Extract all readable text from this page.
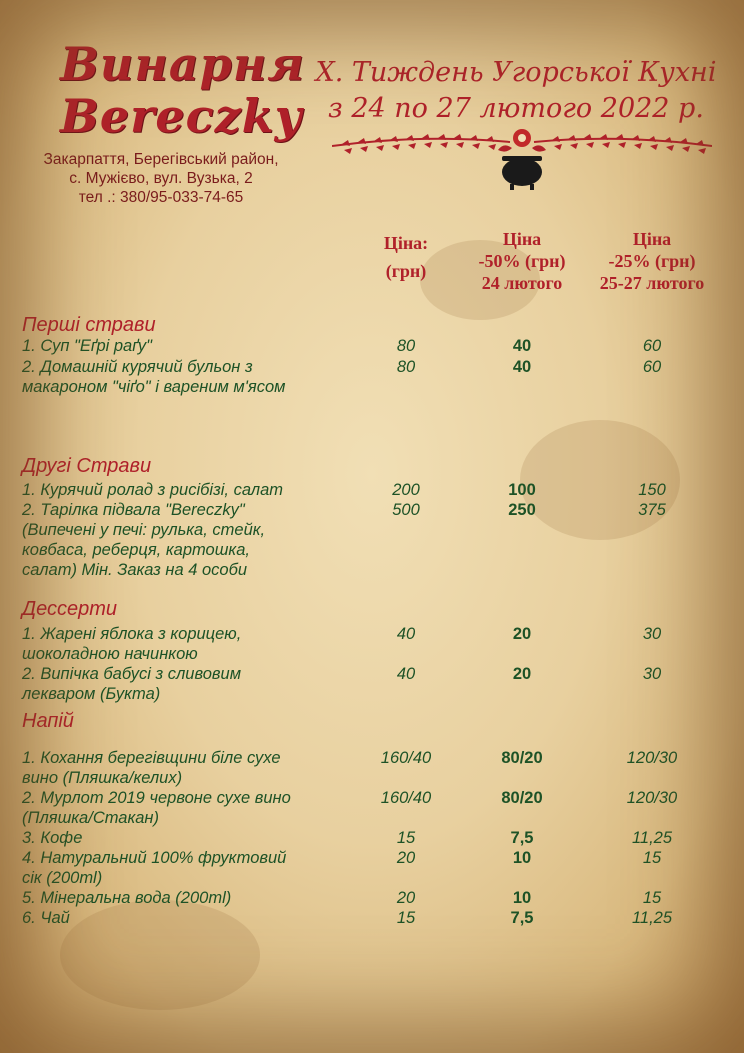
Винарня
Bereczky
Закарпаття, Берегівський район,
с. Мужієво, вул. Вузька, 2
тел .: 380/95-033-74-65
X. Тиждень Угорської Кухні
з 24 по 27 лютого 2022 р.
Ціна:
(грн)
Ціна
-50% (грн)
24 лютого
Ціна
-25% (грн)
25-27 лютого
Перші страви
1. Суп "Еґрі раґу"	80	40	60
2. Домашній курячий бульон з
макароном "чіґо" і вареним м'ясом
80	40	60
Другі Страви
1. Курячий ролад з рисібізі, салат	200	100	150
2. Тарілка підвала "Bereczky"
(Випечені у печі: рулька, стейк,
ковбаса, реберця, картошка,
салат) Мін. Заказ на 4 особи
500	250	375
Дессерти
1. Жарені яблока з корицею,
шоколадною начинкою
40	20	30
2. Випічка бабусі з сливовим
лекваром (Букта)
40	20	30
Напій
1. Кохання берегівщини біле сухе
вино (Пляшка/келих)
160/40	80/20	120/30
2. Мурлот 2019 червоне сухе вино
(Пляшка/Стакан)
160/40	80/20	120/30
3. Кофе	15	7,5	11,25
4. Натуральний 100% фруктовий
сік (200ml)
20	10	15
5. Мінеральна вода (200ml)	20	10	15
6. Чай	15	7,5	11,25
